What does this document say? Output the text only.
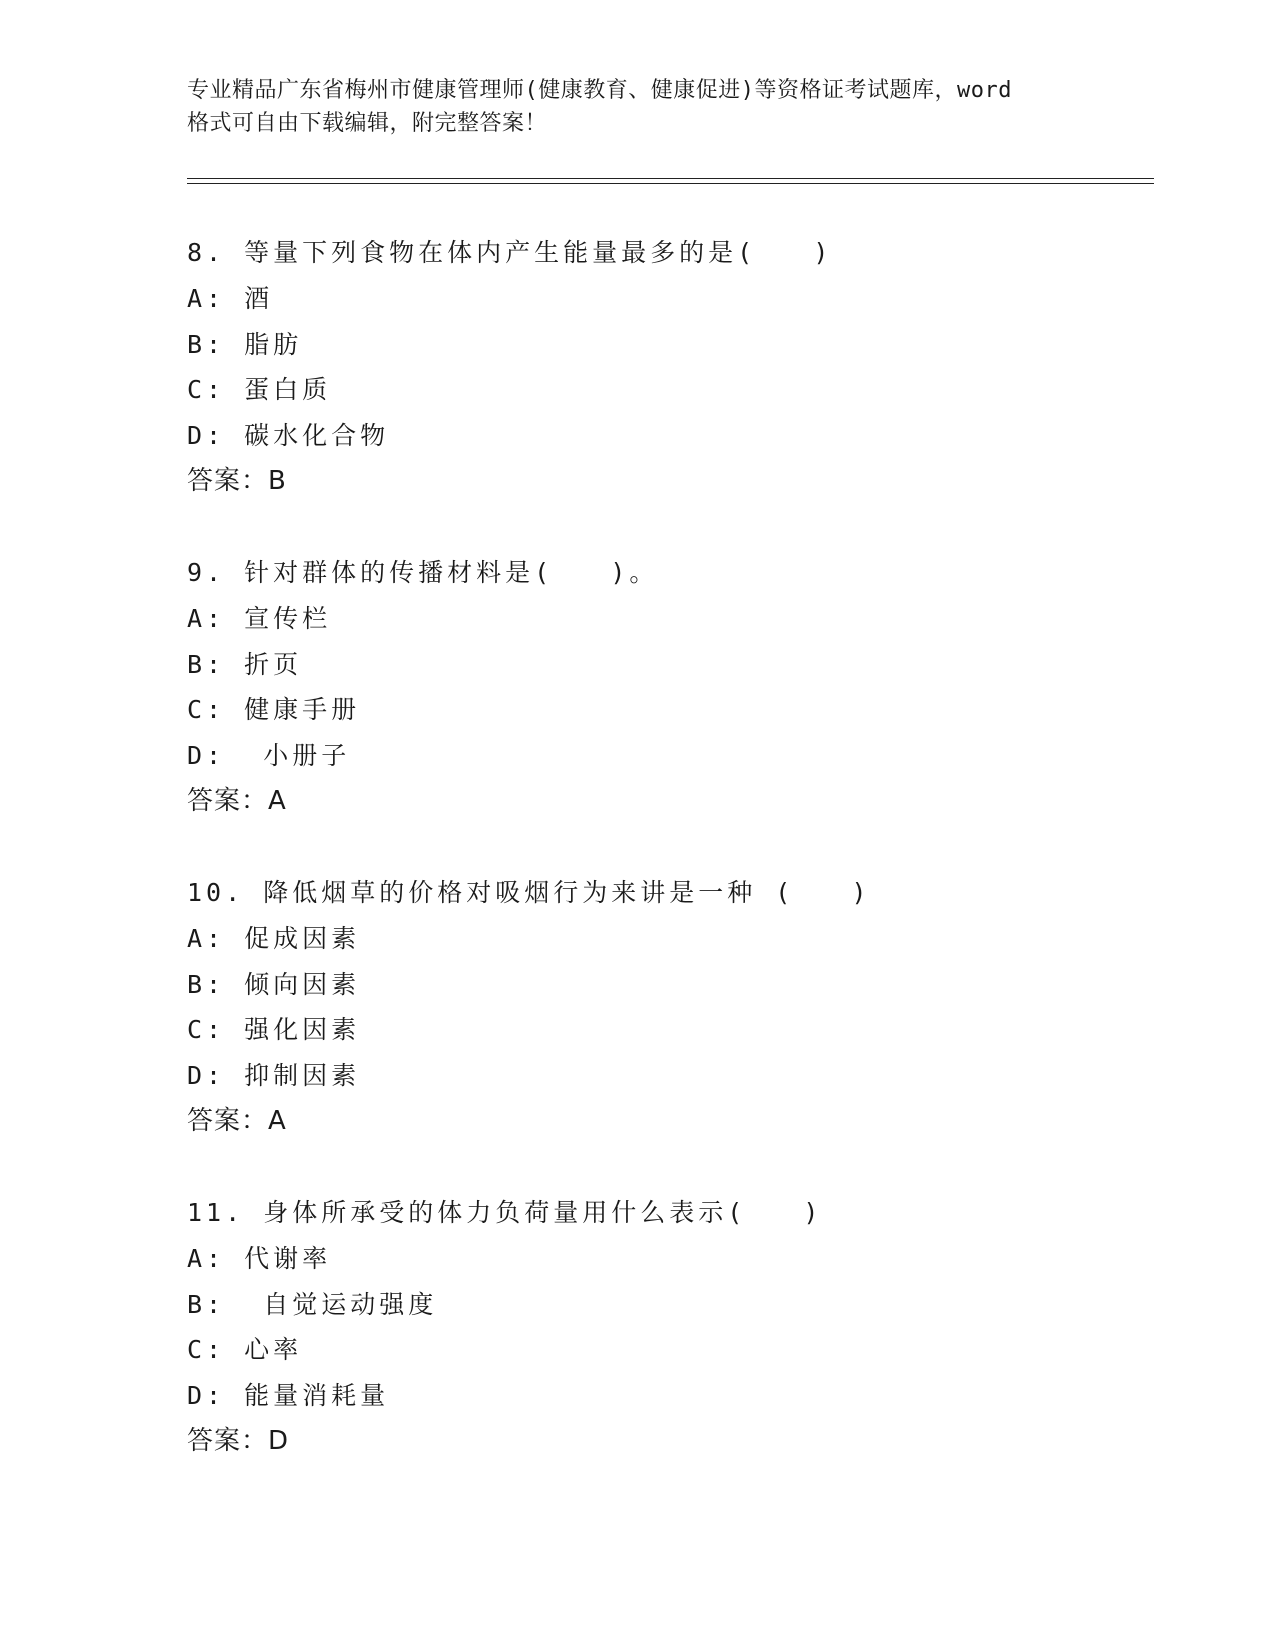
专业精品广东省梅州市健康管理师(健康教育、健康促进)等资格证考试题库，word
格式可自由下载编辑，附完整答案！
8. 等量下列食物在体内产生能量最多的是(   )
A: 酒
B: 脂肪
C: 蛋白质
D: 碳水化合物
答案：B
9. 针对群体的传播材料是(   )。
A: 宣传栏
B: 折页
C: 健康手册
D:  小册子
答案：A
10. 降低烟草的价格对吸烟行为来讲是一种 (   )
A: 促成因素
B: 倾向因素
C: 强化因素
D: 抑制因素
答案：A
11. 身体所承受的体力负荷量用什么表示(   )
A: 代谢率
B:  自觉运动强度
C: 心率
D: 能量消耗量
答案：D
